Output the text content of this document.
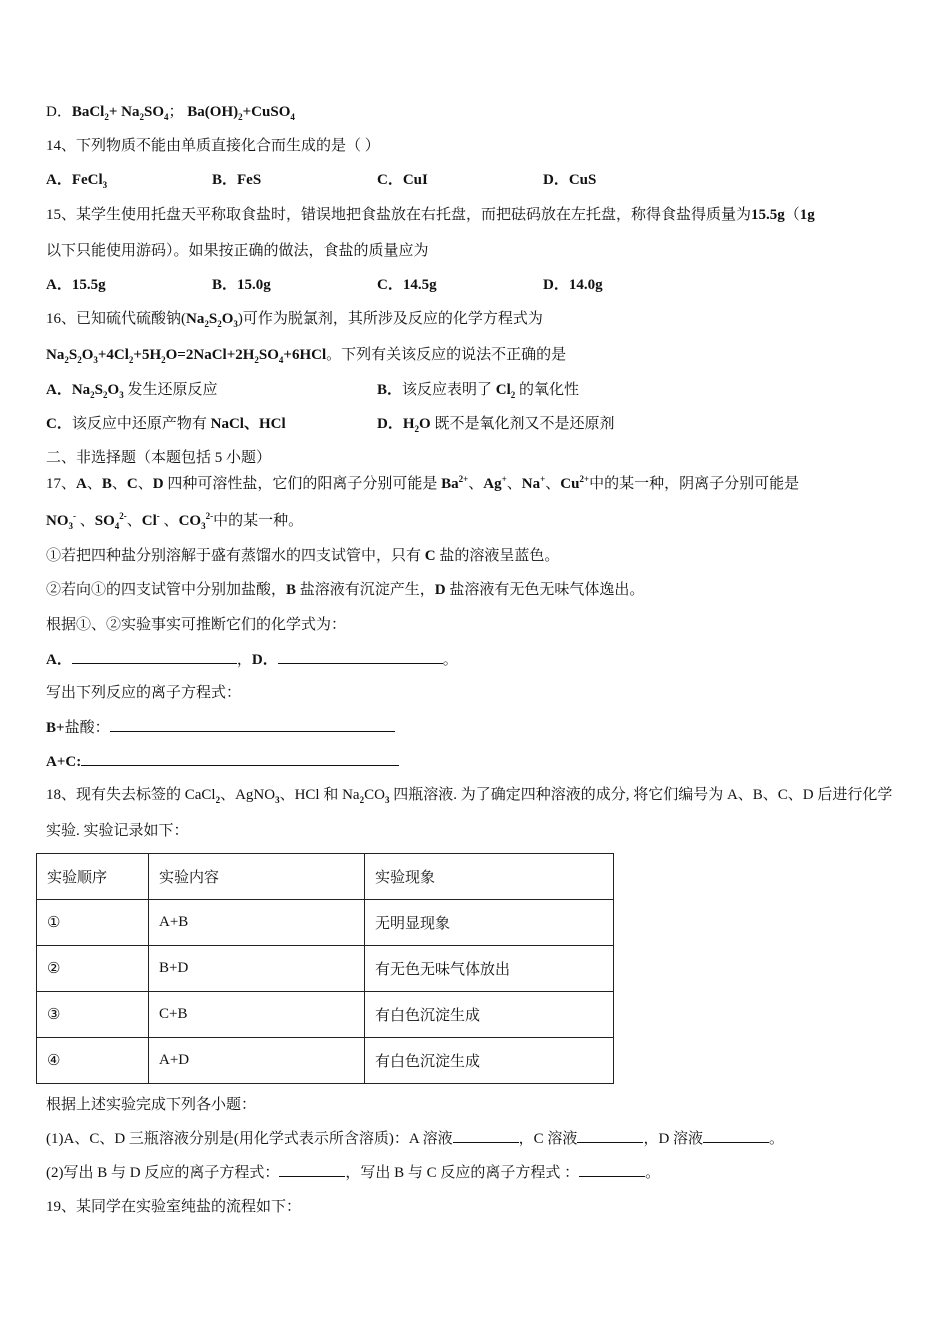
D．BaCl$_2$+ $Na_2SO_4$； $Ba(OH)_2+CuSO_4$
14、下列物质不能由单质直接化合而生成的是（ ）
A．FeCl$_3$	B．FeS	C．CuI	D．CuS
15、某学生使用托盘天平称取食盐时，错误地把食盐放在右托盘，而把砝码放在左托盘，称得食盐得质量为15.5g（1g
以下只能使用游码）。如果按正确的做法，食盐的质量应为
A．15.5g	B．15.0g	C．14.5g	D．14.0g
16、已知硫代硫酸钠$(Na_2S_2O_3)$可作为脱氯剂，其所涉及反应的化学方程式为
$Na_2S_2O_3+4Cl_2+5H_2O=2NaCl+2H_2SO_4+6HCl$。下列有关该反应的说法不正确的是
A．$Na_2S_2O_3$ 发生还原反应	B．该反应表明了 $Cl_2$ 的氧化性
C．该反应中还原产物有 NaCl、HCl	D．$H_2O$ 既不是氧化剂又不是还原剂
二、非选择题（本题包括 5 小题）
17、A、B、C、D 四种可溶性盐，它们的阳离子分别可能是 $Ba^{2+}$、Ag+、Na+、$Cu^{2+}$中的某一种，阴离子分别可能是
$NO_3^-$ 、$SO_4^{2-}$、Cl- 、$CO_3^{2-}$中的某一种。
①若把四种盐分别溶解于盛有蒸馏水的四支试管中，只有 C 盐的溶液呈蓝色。
②若向①的四支试管中分别加盐酸，B 盐溶液有沉淀产生，D 盐溶液有无色无味气体逸出。
根据①、②实验事实可推断它们的化学式为：
A．	，D．	。
写出下列反应的离子方程式：
B+盐酸：
A+C:
18、现有失去标签的 CaCl$_2$、AgNO$_3$、HCl 和 $Na_2CO_3$ 四瓶溶液. 为了确定四种溶液的成分, 将它们编号为 A、B、C、D 后进行化学
实验. 实验记录如下：
根据上述实验完成下列各小题：
(1)A、C、D 三瓶溶液分别是(用化学式表示所含溶质)：A 溶液	，C 溶液	，D 溶液	。
(2)写出 B 与 D 反应的离子方程式：	，写出 B 与 C 反应的离子方程式 ：	。
19、某同学在实验室纯盐的流程如下：
实验顺序	实验内容	实验现象
①	A+B	无明显现象
②	B+D	有无色无味气体放出
③	C+B	有白色沉淀生成
④	A+D	有白色沉淀生成
